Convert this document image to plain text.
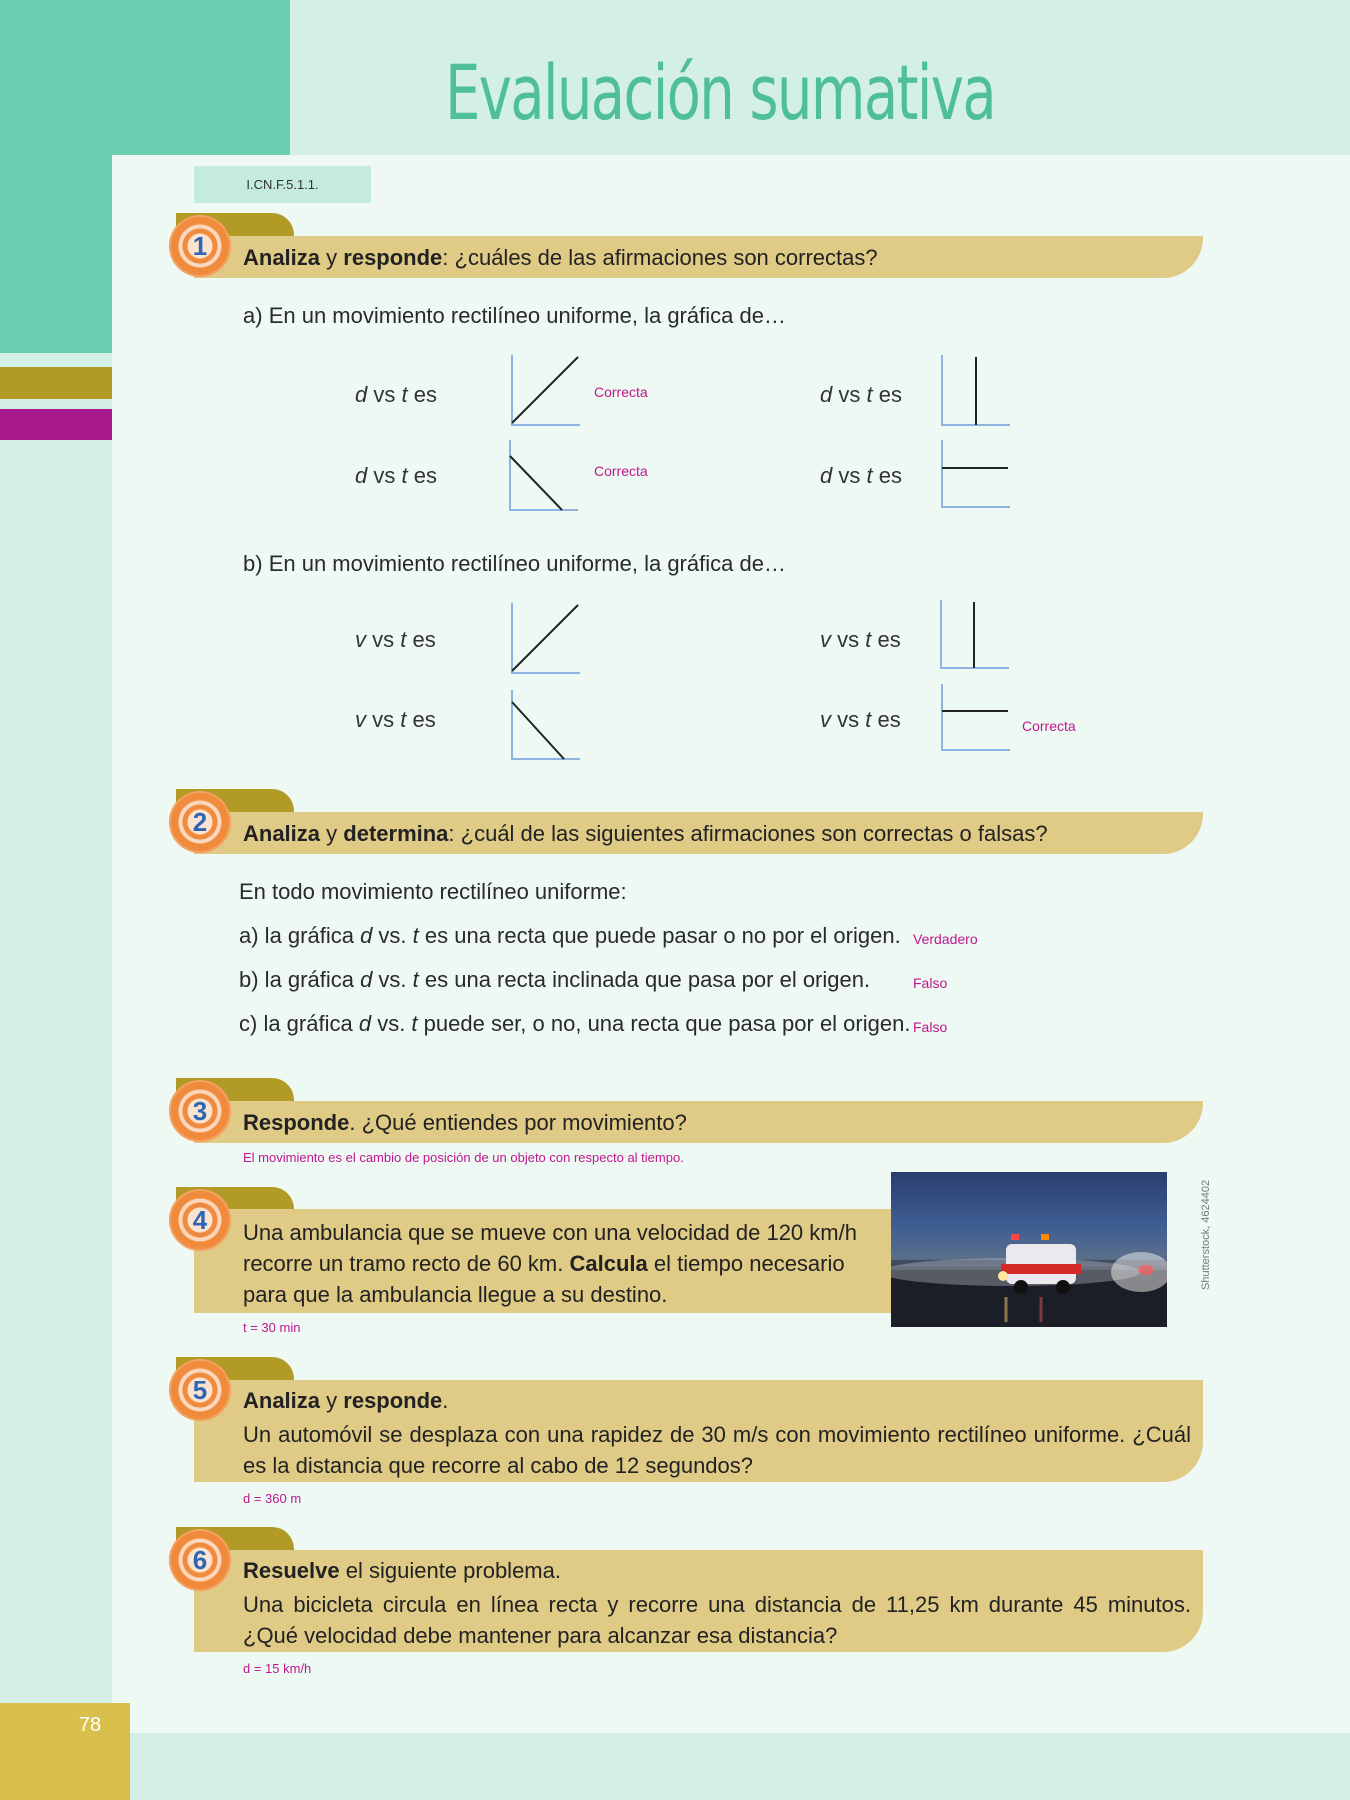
78
Evaluación sumativa
I.CN.F.5.1.1.
1	Analiza y responde: ¿cuáles de las afirmaciones son correctas?
a) En un movimiento rectilíneo uniforme, la gráfica de…
d vs t es	Correcta	d vs t es
d vs t es	Correcta	d vs t es
b) En un movimiento rectilíneo uniforme, la gráfica de…
v vs t es	v vs t es
v vs t es	v vs t es	Correcta
2	Analiza y determina: ¿cuál de las siguientes afirmaciones son correctas o falsas?
En todo movimiento rectilíneo uniforme:
a) la gráfica d vs. t es una recta que puede pasar o no por el origen. Verdadero
b) la gráfica d vs. t es una recta inclinada que pasa por el origen.	Falso
c) la gráfica d vs. t puede ser, o no, una recta que pasa por el origen. Falso
3	Responde. ¿Qué entiendes por movimiento?
El movimiento es el cambio de posición de un objeto con respecto al tiempo.
4	Una ambulancia que se mueve con una velocidad de 120 km/h
recorre un tramo recto de 60 km. Calcula el tiempo necesario
para que la ambulancia llegue a su destino.
Shutterstock, 4624402
t = 30 min
5	Analiza y responde.
Un automóvil se desplaza con una rapidez de 30 m/s con movimiento rectilíneo uniforme. ¿Cuál es la distancia que recorre al cabo de 12 segundos?
d = 360 m
6	Resuelve el siguiente problema.
Una bicicleta circula en línea recta y recorre una distancia de 11,25 km durante 45 minutos. ¿Qué velocidad debe mantener para alcanzar esa distancia?
d = 15 km/h
